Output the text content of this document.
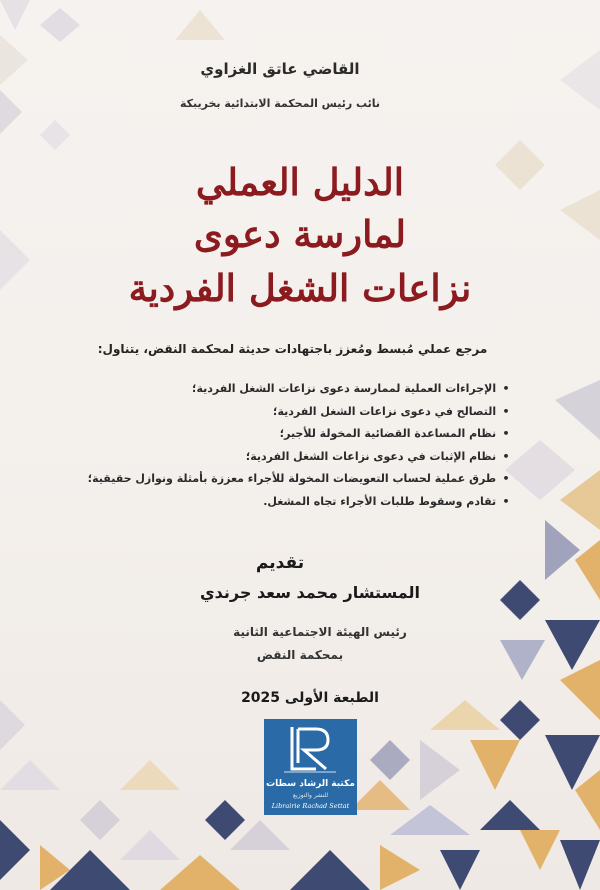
القاضي عاتق الغزاوي
نائب رئيس المحكمة الابتدائية بخريبكة
الدليل العملي
لمارسة دعوى
نزاعات الشغل الفردية
مرجع عملي مُبسط ومُعزز باجتهادات حديثة لمحكمة النقض، يتناول:
• الإجراءات العملية لممارسة دعوى نزاعات الشغل الفردية؛
• التصالح في دعوى نزاعات الشغل الفردية؛
• نظام المساعدة القضائية المخولة للأجير؛
• نظام الإثبات في دعوى نزاعات الشغل الفردية؛
• طرق عملية لحساب التعويضات المخولة للأجراء معززة بأمثلة ونوازل حقيقية؛
• تقادم وسقوط طلبات الأجراء تجاه المشغل.
تقديم
المستشار محمد سعد جرندي
رئيس الهيئة الاجتماعية الثانية
بمحكمة النقض
الطبعة الأولى 2025
مكتبة الرشاد سطات
للنشر والتوزيع
Librairie Rachad Settat
